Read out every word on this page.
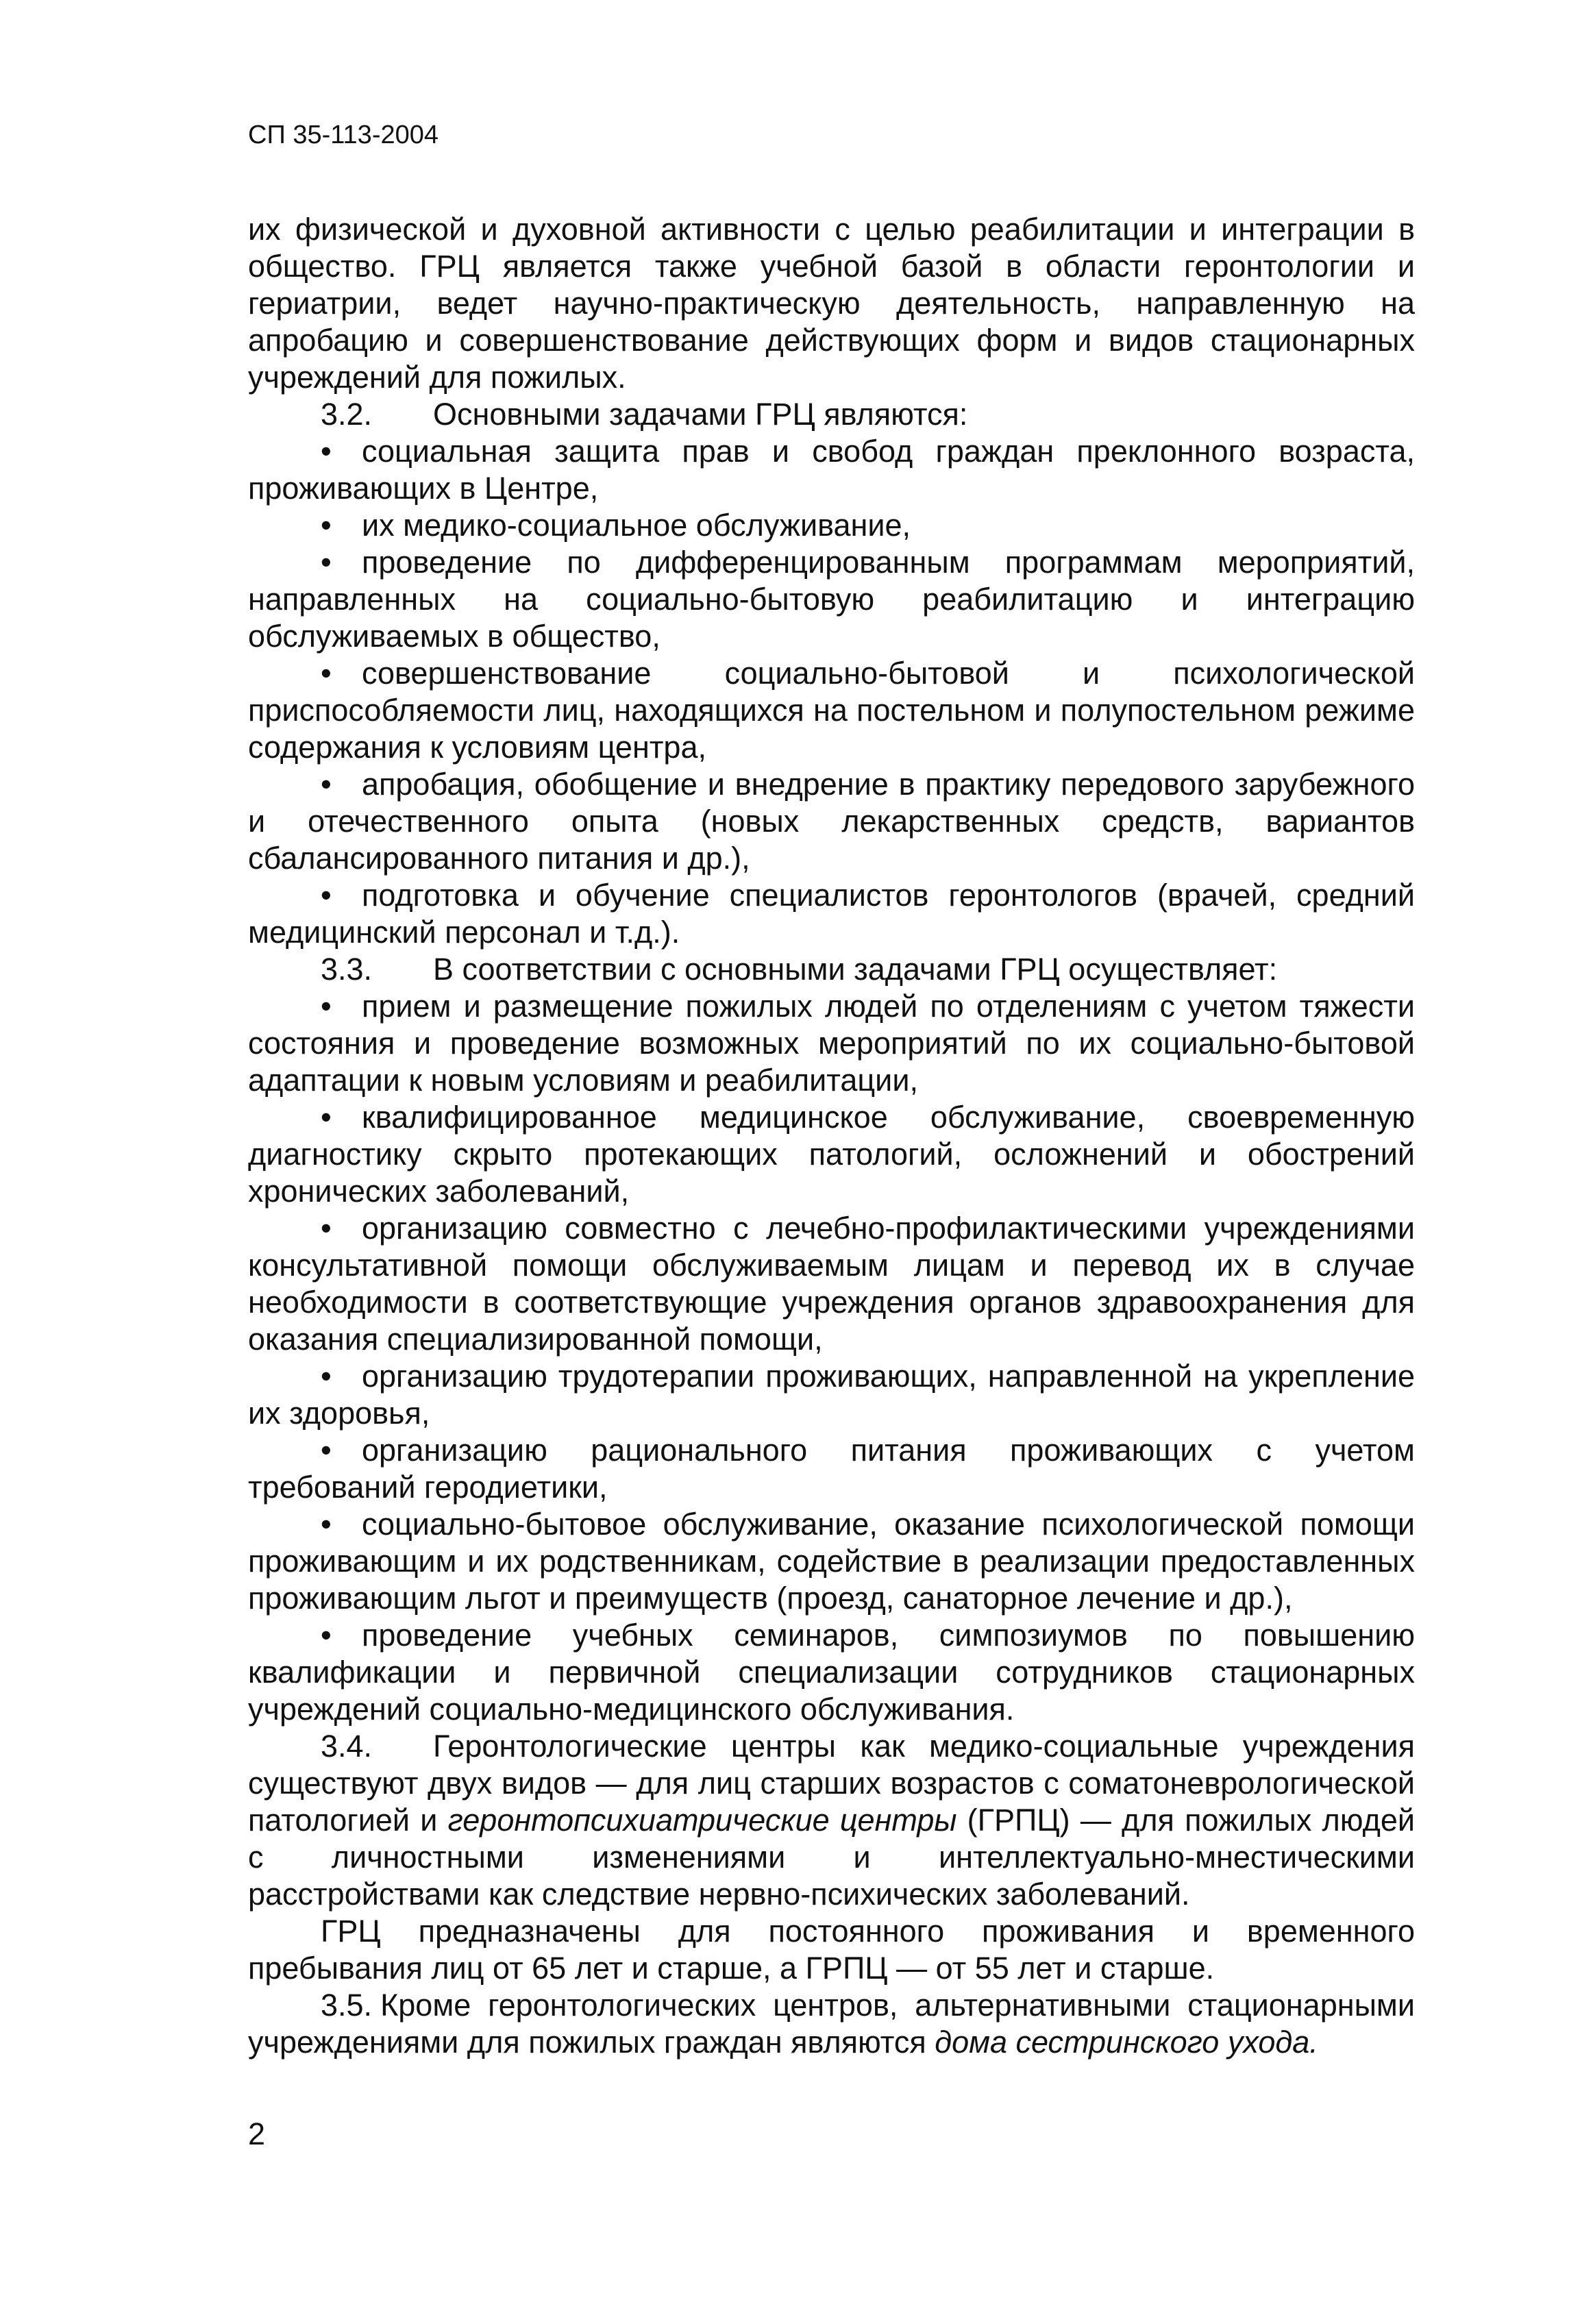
СП 35-113-2004

их физической и духовной активности с целью реабилитации и интеграции в общество. ГРЦ является также учебной базой в области геронтологии и гериатрии, ведет научно-практическую деятельность, направленную на апробацию и совершенствование действующих форм и видов стационарных учреждений для пожилых.

3.2. Основными задачами ГРЦ являются:

• социальная защита прав и свобод граждан преклонного возраста, проживающих в Центре,

• их медико-социальное обслуживание,

• проведение по дифференцированным программам мероприятий, направленных на социально-бытовую реабилитацию и интеграцию обслуживаемых в общество,

• совершенствование социально-бытовой и психологической приспособляемости лиц, находящихся на постельном и полупостельном режиме содержания к условиям центра,

• апробация, обобщение и внедрение в практику передового зарубежного и отечественного опыта (новых лекарственных средств, вариантов сбалансированного питания и др.),

• подготовка и обучение специалистов геронтологов (врачей, средний медицинский персонал и т.д.).

3.3. В соответствии с основными задачами ГРЦ осуществляет:

• прием и размещение пожилых людей по отделениям с учетом тяжести состояния и проведение возможных мероприятий по их социально-бытовой адаптации к новым условиям и реабилитации,

• квалифицированное медицинское обслуживание, своевременную диагностику скрыто протекающих патологий, осложнений и обострений хронических заболеваний,

• организацию совместно с лечебно-профилактическими учреждениями консультативной помощи обслуживаемым лицам и перевод их в случае необходимости в соответствующие учреждения органов здравоохранения для оказания специализированной помощи,

• организацию трудотерапии проживающих, направленной на укрепление их здоровья,

• организацию рационального питания проживающих с учетом требований геродиетики,

• социально-бытовое обслуживание, оказание психологической помощи проживающим и их родственникам, содействие в реализации предоставленных проживающим льгот и преимуществ (проезд, санаторное лечение и др.),

• проведение учебных семинаров, симпозиумов по повышению квалификации и первичной специализации сотрудников стационарных учреждений социально-медицинского обслуживания.

3.4. Геронтологические центры как медико-социальные учреждения существуют двух видов — для лиц старших возрастов с соматоневрологической патологией и геронтопсихиатрические центры (ГРПЦ) — для пожилых людей с личностными изменениями и интеллектуально-мнестическими расстройствами как следствие нервно-психических заболеваний.

ГРЦ предназначены для постоянного проживания и временного пребывания лиц от 65 лет и старше, а ГРПЦ — от 55 лет и старше.

3.5. Кроме геронтологических центров, альтернативными стационарными учреждениями для пожилых граждан являются дома сестринского ухода.

2
